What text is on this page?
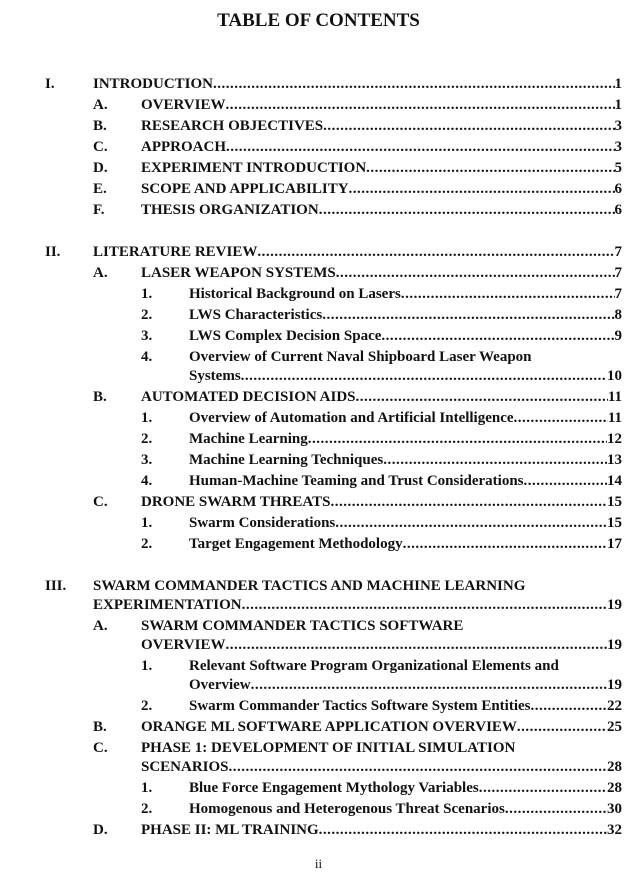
TABLE OF CONTENTS
I.	INTRODUCTION .....	1
A. OVERVIEW .....	1
B. RESEARCH OBJECTIVES .....	3
C. APPROACH .....	3
D. EXPERIMENT INTRODUCTION .....	5
E. SCOPE AND APPLICABILITY .....	6
F. THESIS ORGANIZATION .....	6
II. LITERATURE REVIEW .....	7
A. LASER WEAPON SYSTEMS .....	7
1. Historical Background on Lasers .....	7
2. LWS Characteristics .....	8
3. LWS Complex Decision Space .....	9
4. Overview of Current Naval Shipboard Laser Weapon
Systems .....	10
B. AUTOMATED DECISION AIDS .....	11
1. Overview of Automation and Artificial Intelligence .....	11
2. Machine Learning .....	12
3. Machine Learning Techniques .....	13
4. Human-Machine Teaming and Trust Considerations .....	14
C. DRONE SWARM THREATS .....	15
1. Swarm Considerations .....	15
2. Target Engagement Methodology .....	17
III. SWARM COMMANDER TACTICS AND MACHINE LEARNING
EXPERIMENTATION .....	19
A. SWARM COMMANDER TACTICS SOFTWARE
OVERVIEW .....	19
1. Relevant Software Program Organizational Elements and
Overview .....	19
2. Swarm Commander Tactics Software System Entities .....	22
B. ORANGE ML SOFTWARE APPLICATION OVERVIEW .....	25
C. PHASE 1: DEVELOPMENT OF INITIAL SIMULATION
SCENARIOS .....	28
1. Blue Force Engagement Mythology Variables .....	28
2. Homogenous and Heterogenous Threat Scenarios .....	30
D. PHASE II: ML TRAINING .....	32
ii
